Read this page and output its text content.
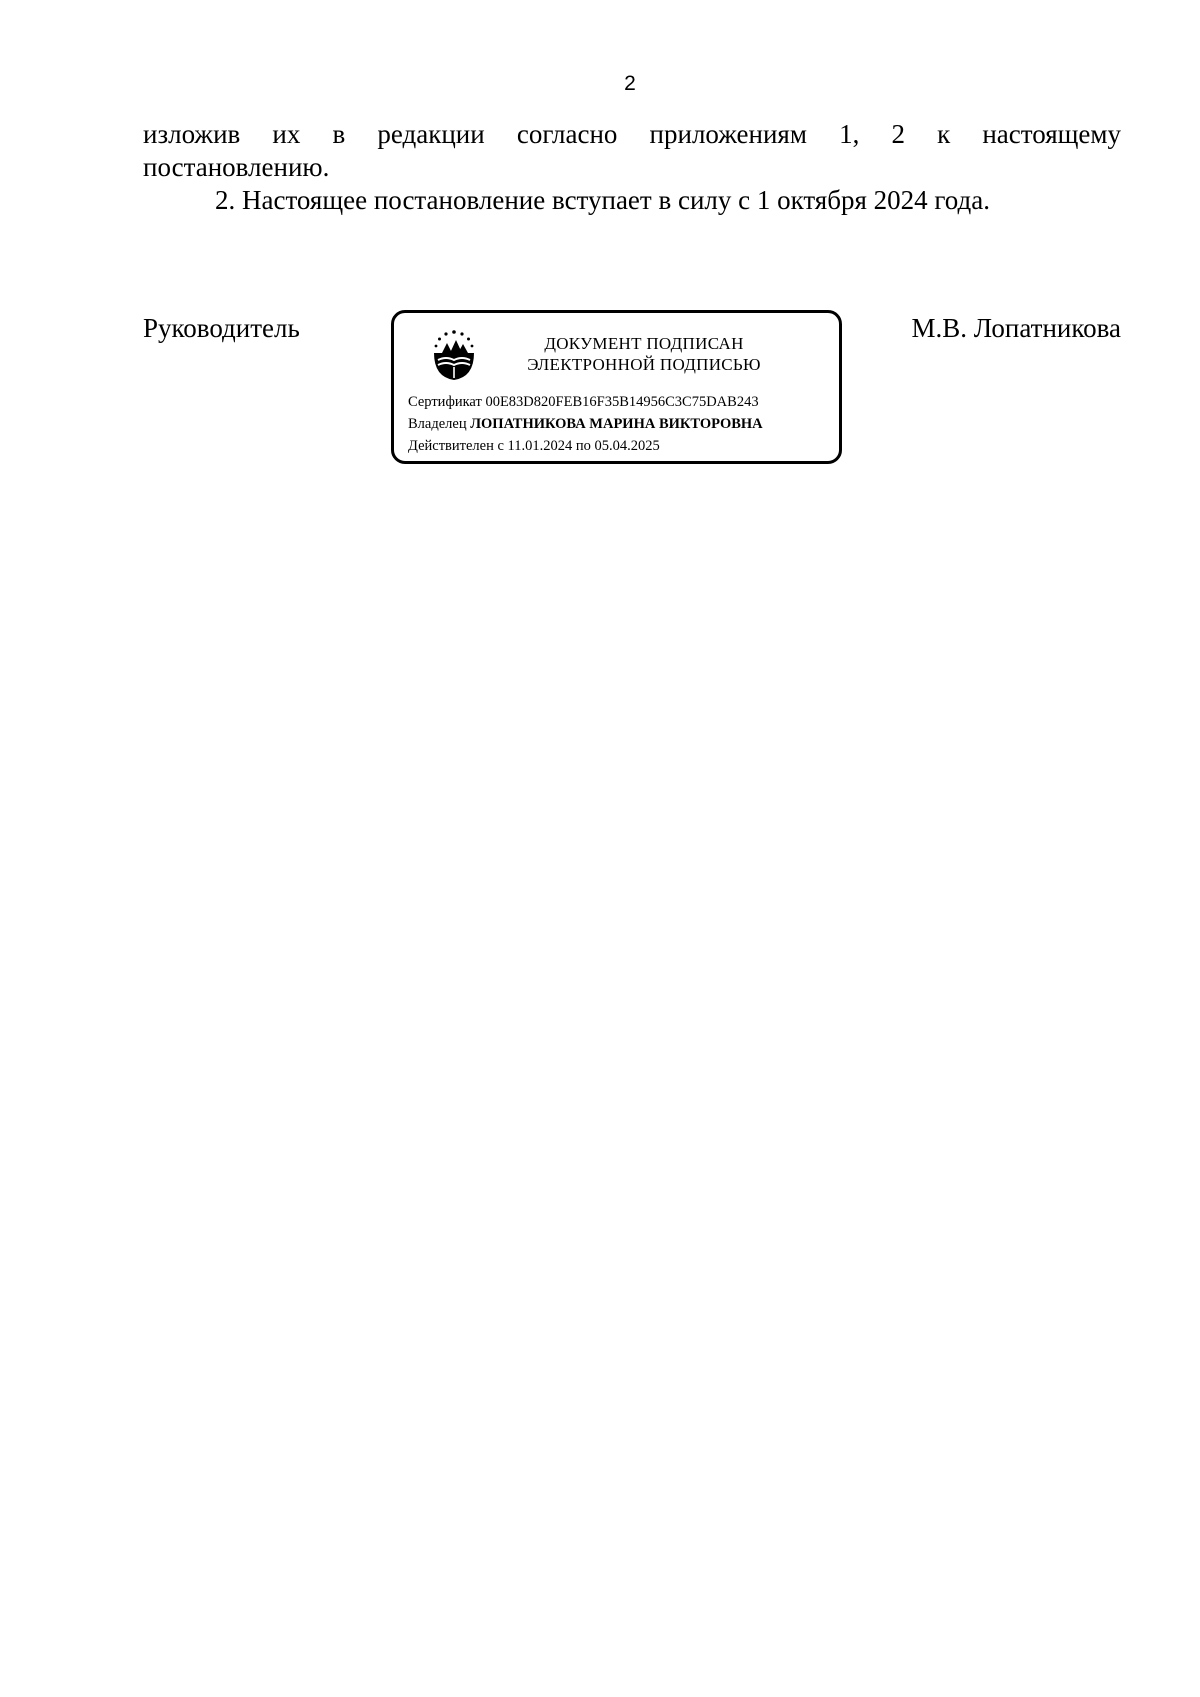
2
изложив их в редакции согласно приложениям 1, 2 к настоящему
постановлению.
2. Настоящее постановление вступает в силу с 1 октября 2024 года.
Руководитель
ДОКУМЕНТ ПОДПИСАН
ЭЛЕКТРОННОЙ ПОДПИСЬЮ
Сертификат 00E83D820FEB16F35B14956C3C75DAB243
Владелец ЛОПАТНИКОВА МАРИНА ВИКТОРОВНА
Действителен с 11.01.2024 по 05.04.2025
М.В. Лопатникова
